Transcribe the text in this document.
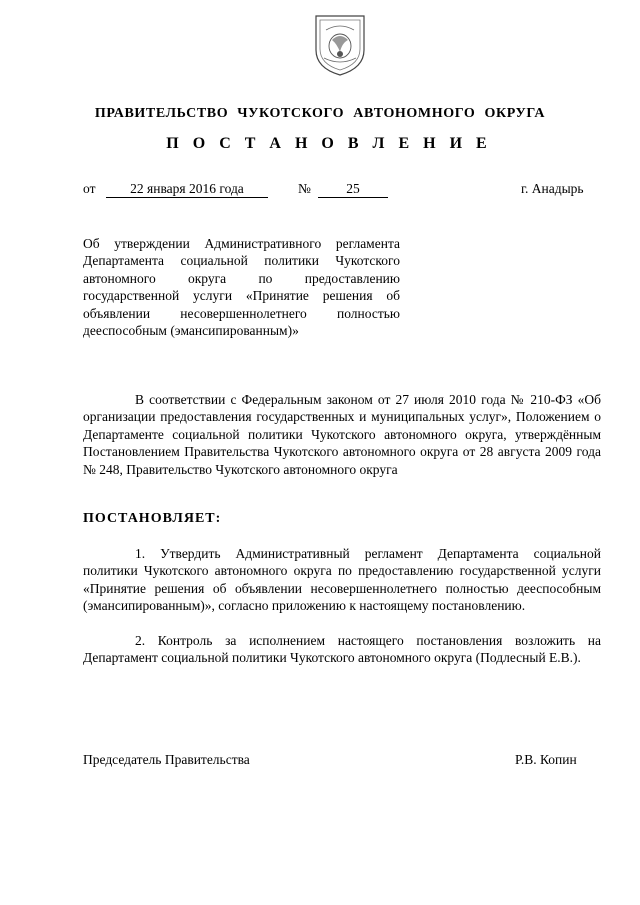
ПРАВИТЕЛЬСТВО ЧУКОТСКОГО АВТОНОМНОГО ОКРУГА
П О С Т А Н О В Л Е Н И Е
от	22 января 2016 года	№	25	г. Анадырь
Об утверждении Административного регламента Департамента социальной политики Чукотского автономного округа по предоставлению государственной услуги «Принятие решения об объявлении несовершеннолетнего полностью дееспособным (эмансипированным)»
В соответствии с Федеральным законом от 27 июля 2010 года № 210-ФЗ «Об организации предоставления государственных и муниципальных услуг», Положением о Департаменте социальной политики Чукотского автономного округа, утверждённым Постановлением Правительства Чукотского автономного округа от 28 августа 2009 года № 248, Правительство Чукотского автономного округа
ПОСТАНОВЛЯЕТ:
1. Утвердить Административный регламент Департамента социальной политики Чукотского автономного округа по предоставлению государственной услуги «Принятие решения об объявлении несовершеннолетнего полностью дееспособным (эмансипированным)», согласно приложению к настоящему постановлению.
2. Контроль за исполнением настоящего постановления возложить на Департамент социальной политики Чукотского автономного округа (Подлесный Е.В.).
Председатель Правительства	Р.В. Копин
